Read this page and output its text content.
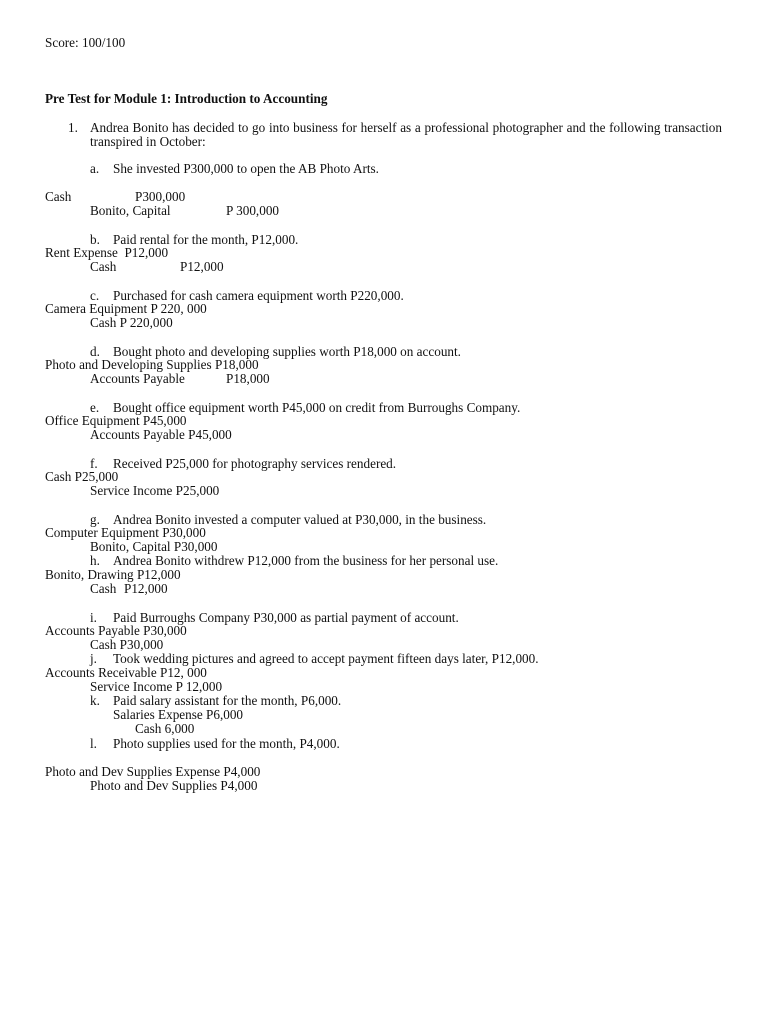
Score: 100/100
Pre Test for Module 1: Introduction to Accounting
1. Andrea Bonito has decided to go into business for herself as a professional photographer and the following transaction transpired in October:
a. She invested P300,000 to open the AB Photo Arts.
Cash	P300,000
Bonito, Capital	P 300,000
b. Paid rental for the month, P12,000.
Rent Expense  P12,000
Cash	P12,000
c. Purchased for cash camera equipment worth P220,000.
Camera Equipment P 220, 000
Cash P 220,000
d. Bought photo and developing supplies worth P18,000 on account.
Photo and Developing Supplies P18,000
Accounts Payable	P18,000
e. Bought office equipment worth P45,000 on credit from Burroughs Company.
Office Equipment P45,000
Accounts Payable P45,000
f. Received P25,000 for photography services rendered.
Cash P25,000
Service Income P25,000
g. Andrea Bonito invested a computer valued at P30,000, in the business.
Computer Equipment P30,000
Bonito, Capital P30,000
h. Andrea Bonito withdrew P12,000 from the business for her personal use.
Bonito, Drawing P12,000
Cash P12,000
i. Paid Burroughs Company P30,000 as partial payment of account.
Accounts Payable P30,000
Cash P30,000
j. Took wedding pictures and agreed to accept payment fifteen days later, P12,000.
Accounts Receivable P12, 000
Service Income P 12,000
k. Paid salary assistant for the month, P6,000.
Salaries Expense P6,000
Cash 6,000
l. Photo supplies used for the month, P4,000.
Photo and Dev Supplies Expense P4,000
Photo and Dev Supplies P4,000
